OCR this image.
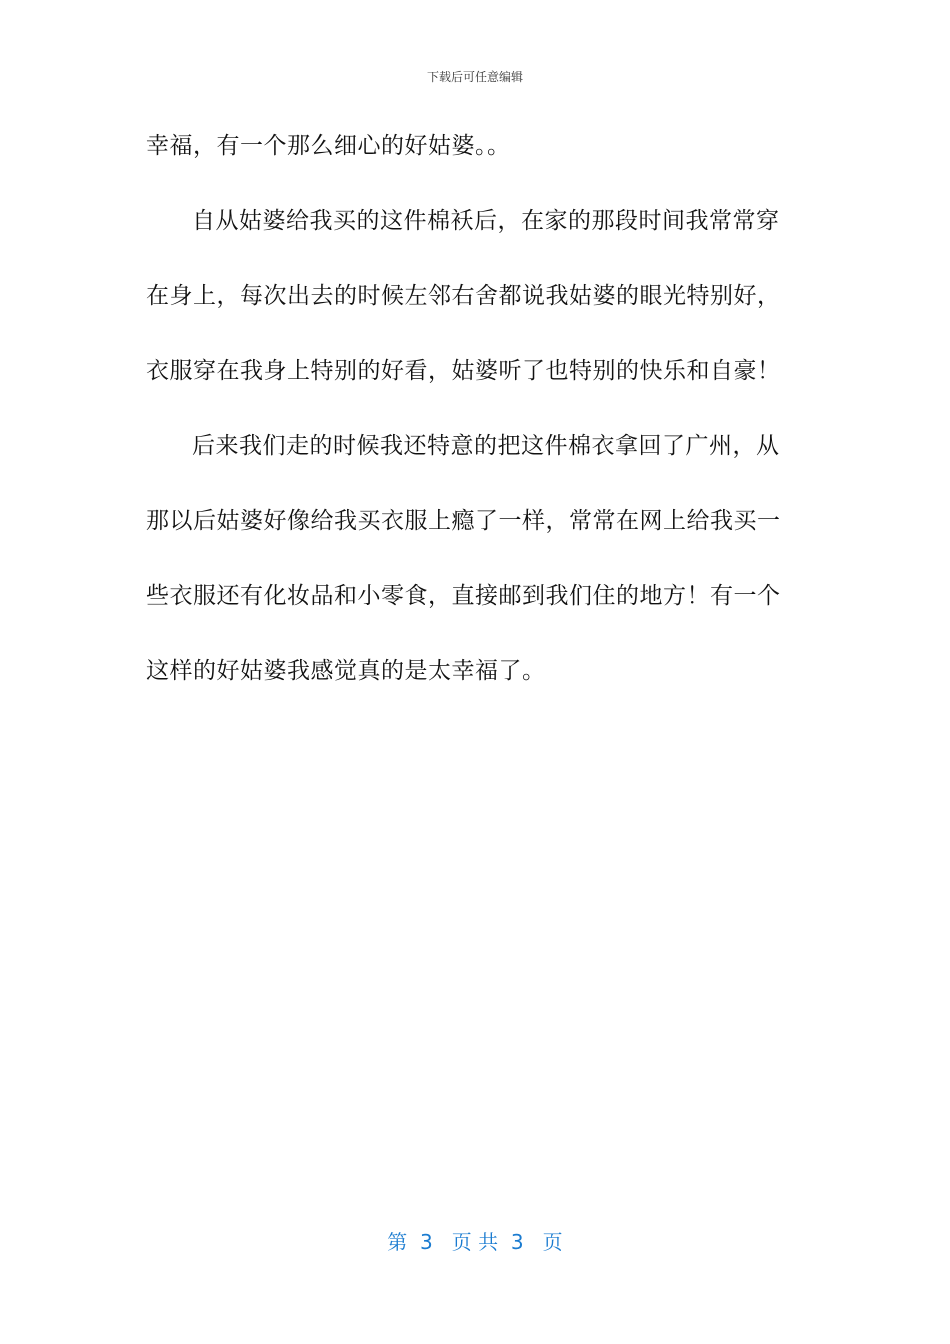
下载后可任意编辑
幸福，有一个那么细心的好姑婆。。
自从姑婆给我买的这件棉袄后，在家的那段时间我常常穿
在身上，每次出去的时候左邻右舍都说我姑婆的眼光特别好，
衣服穿在我身上特别的好看，姑婆听了也特别的快乐和自豪！
后来我们走的时候我还特意的把这件棉衣拿回了广州，从
那以后姑婆好像给我买衣服上瘾了一样，常常在网上给我买一
些衣服还有化妆品和小零食，直接邮到我们住的地方！有一个
这样的好姑婆我感觉真的是太幸福了。
第  3   页 共  3   页
